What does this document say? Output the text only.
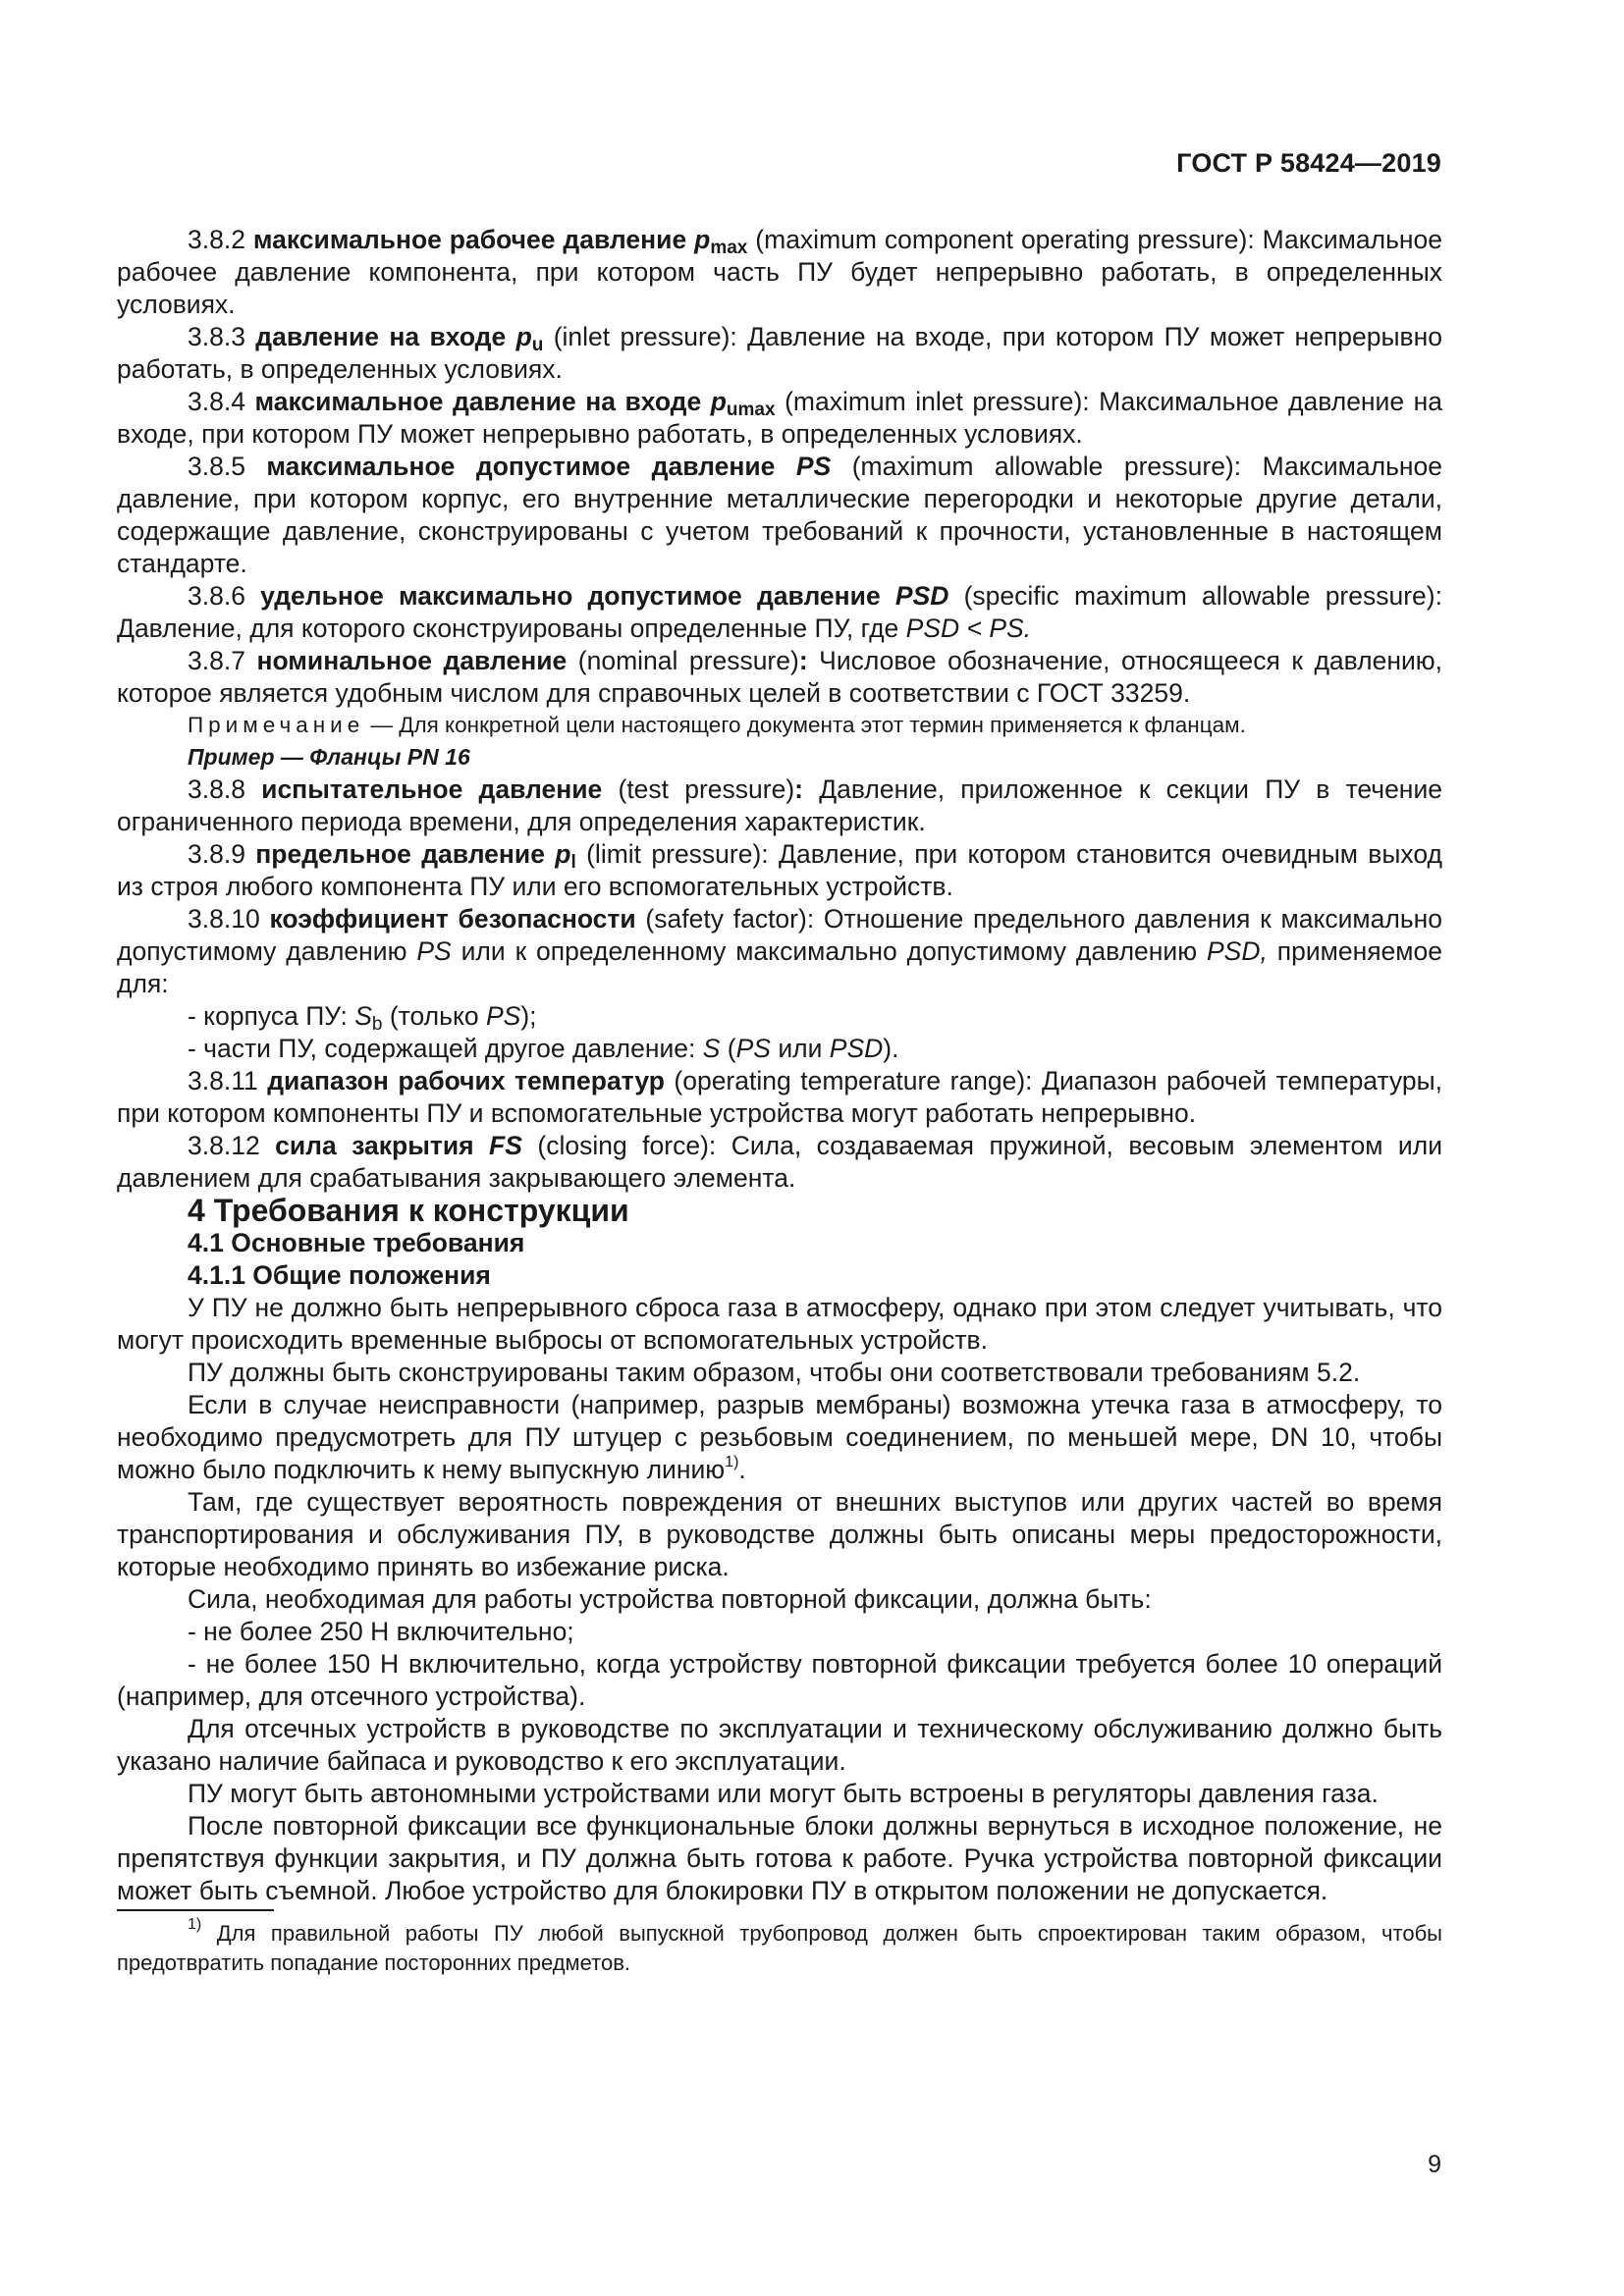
ГОСТ Р 58424—2019

3.8.2 максимальное рабочее давление $p_{max}$ (maximum component operating pressure): Максимальное рабочее давление компонента, при котором часть ПУ будет непрерывно работать, в определенных условиях.

3.8.3 давление на входе $p_u$ (inlet pressure): Давление на входе, при котором ПУ может непрерывно работать, в определенных условиях.

3.8.4 максимальное давление на входе $p_{umax}$ (maximum inlet pressure): Максимальное давление на входе, при котором ПУ может непрерывно работать, в определенных условиях.

3.8.5 максимальное допустимое давление PS (maximum allowable pressure): Максимальное давление, при котором корпус, его внутренние металлические перегородки и некоторые другие детали, содержащие давление, сконструированы с учетом требований к прочности, установленные в настоящем стандарте.

3.8.6 удельное максимально допустимое давление PSD (specific maximum allowable pressure): Давление, для которого сконструированы определенные ПУ, где PSD < PS.

3.8.7 номинальное давление (nominal pressure): Числовое обозначение, относящееся к давлению, которое является удобным числом для справочных целей в соответствии с ГОСТ 33259.

Примечание — Для конкретной цели настоящего документа этот термин применяется к фланцам.

Пример — Фланцы PN 16

3.8.8 испытательное давление (test pressure): Давление, приложенное к секции ПУ в течение ограниченного периода времени, для определения характеристик.

3.8.9 предельное давление $p_l$ (limit pressure): Давление, при котором становится очевидным выход из строя любого компонента ПУ или его вспомогательных устройств.

3.8.10 коэффициент безопасности (safety factor): Отношение предельного давления к максимально допустимому давлению PS или к определенному максимально допустимому давлению PSD, применяемое для:

- корпуса ПУ: $S_b$ (только PS);

- части ПУ, содержащей другое давление: S (PS или PSD).

3.8.11 диапазон рабочих температур (operating temperature range): Диапазон рабочей температуры, при котором компоненты ПУ и вспомогательные устройства могут работать непрерывно.

3.8.12 сила закрытия FS (closing force): Сила, создаваемая пружиной, весовым элементом или давлением для срабатывания закрывающего элемента.

4 Требования к конструкции

4.1 Основные требования

4.1.1 Общие положения

У ПУ не должно быть непрерывного сброса газа в атмосферу, однако при этом следует учитывать, что могут происходить временные выбросы от вспомогательных устройств.

ПУ должны быть сконструированы таким образом, чтобы они соответствовали требованиям 5.2.

Если в случае неисправности (например, разрыв мембраны) возможна утечка газа в атмосферу, то необходимо предусмотреть для ПУ штуцер с резьбовым соединением, по меньшей мере, DN 10, чтобы можно было подключить к нему выпускную линию$^{1)}$.

Там, где существует вероятность повреждения от внешних выступов или других частей во время транспортирования и обслуживания ПУ, в руководстве должны быть описаны меры предосторожности, которые необходимо принять во избежание риска.

Сила, необходимая для работы устройства повторной фиксации, должна быть:

- не более 250 Н включительно;

- не более 150 Н включительно, когда устройству повторной фиксации требуется более 10 операций (например, для отсечного устройства).

Для отсечных устройств в руководстве по эксплуатации и техническому обслуживанию должно быть указано наличие байпаса и руководство к его эксплуатации.

ПУ могут быть автономными устройствами или могут быть встроены в регуляторы давления газа.

После повторной фиксации все функциональные блоки должны вернуться в исходное положение, не препятствуя функции закрытия, и ПУ должна быть готова к работе. Ручка устройства повторной фиксации может быть съемной. Любое устройство для блокировки ПУ в открытом положении не допускается.

$^{1)}$ Для правильной работы ПУ любой выпускной трубопровод должен быть спроектирован таким образом, чтобы предотвратить попадание посторонних предметов.

9
